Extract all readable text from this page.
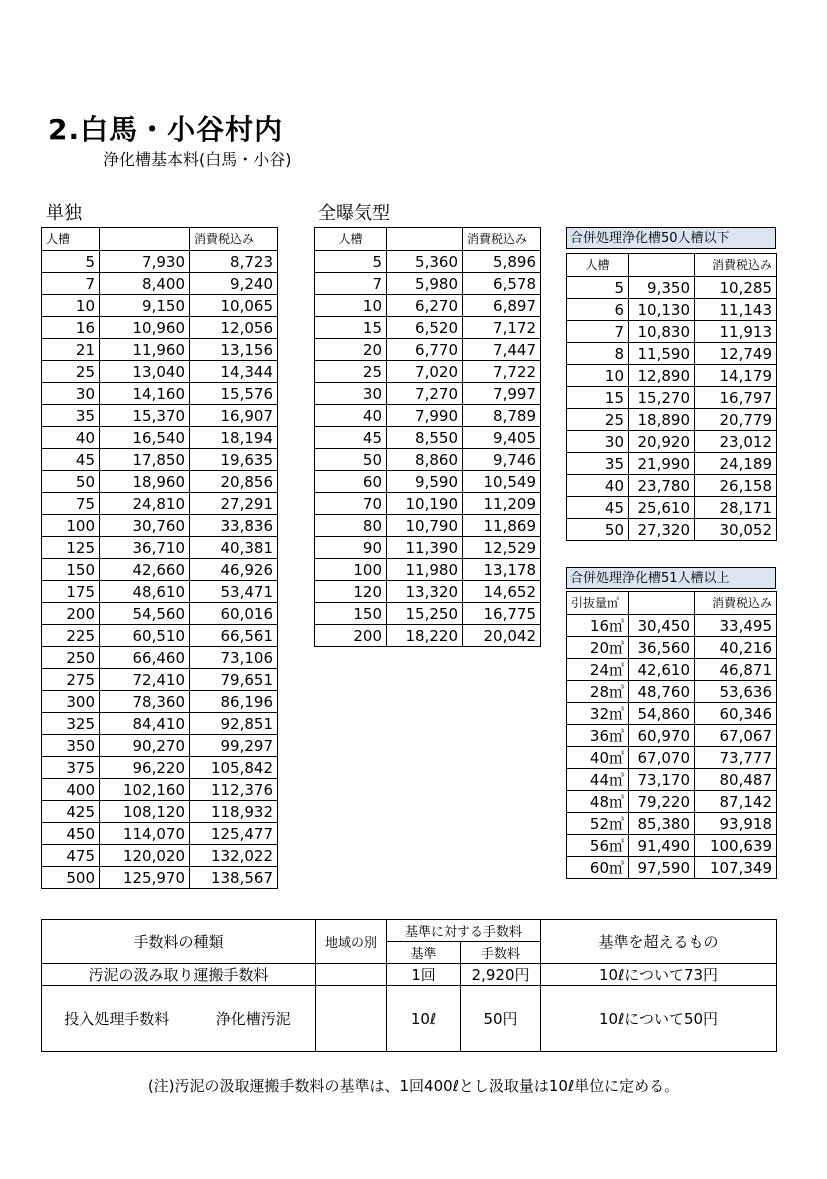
2.白馬・小谷村内
浄化槽基本料(白馬・小谷)
単独	全曝気型
人槽		消費税込み
5	7,930	8,723
7	8,400	9,240
10	9,150	10,065
16	10,960	12,056
21	11,960	13,156
25	13,040	14,344
30	14,160	15,576
35	15,370	16,907
40	16,540	18,194
45	17,850	19,635
50	18,960	20,856
75	24,810	27,291
100	30,760	33,836
125	36,710	40,381
150	42,660	46,926
175	48,610	53,471
200	54,560	60,016
225	60,510	66,561
250	66,460	73,106
275	72,410	79,651
300	78,360	86,196
325	84,410	92,851
350	90,270	99,297
375	96,220	105,842
400	102,160	112,376
425	108,120	118,932
450	114,070	125,477
475	120,020	132,022
500	125,970	138,567
人槽		消費税込み
5	5,360	5,896
7	5,980	6,578
10	6,270	6,897
15	6,520	7,172
20	6,770	7,447
25	7,020	7,722
30	7,270	7,997
40	7,990	8,789
45	8,550	9,405
50	8,860	9,746
60	9,590	10,549
70	10,190	11,209
80	10,790	11,869
90	11,390	12,529
100	11,980	13,178
120	13,320	14,652
150	15,250	16,775
200	18,220	20,042
合併処理浄化槽50人槽以下
人槽		消費税込み
5	9,350	10,285
6	10,130	11,143
7	10,830	11,913
8	11,590	12,749
10	12,890	14,179
15	15,270	16,797
25	18,890	20,779
30	20,920	23,012
35	21,990	24,189
40	23,780	26,158
45	25,610	28,171
50	27,320	30,052
合併処理浄化槽51人槽以上
引抜量㎥		消費税込み
16㎥	30,450	33,495
20㎥	36,560	40,216
24㎥	42,610	46,871
28㎥	48,760	53,636
32㎥	54,860	60,346
36㎥	60,970	67,067
40㎥	67,070	73,777
44㎥	73,170	80,487
48㎥	79,220	87,142
52㎥	85,380	93,918
56㎥	91,490	100,639
60㎥	97,590	107,349
手数料の種類		地域の別	基準に対する手数料		基準を超えるもの
			基準	手数料	
汚泥の汲み取り運搬手数料			1回	2,920円	10ℓについて73円
投入処理手数料	浄化槽汚泥		10ℓ	50円	10ℓについて50円
(注)汚泥の汲取運搬手数料の基準は、1回400ℓとし汲取量は10ℓ単位に定める。
